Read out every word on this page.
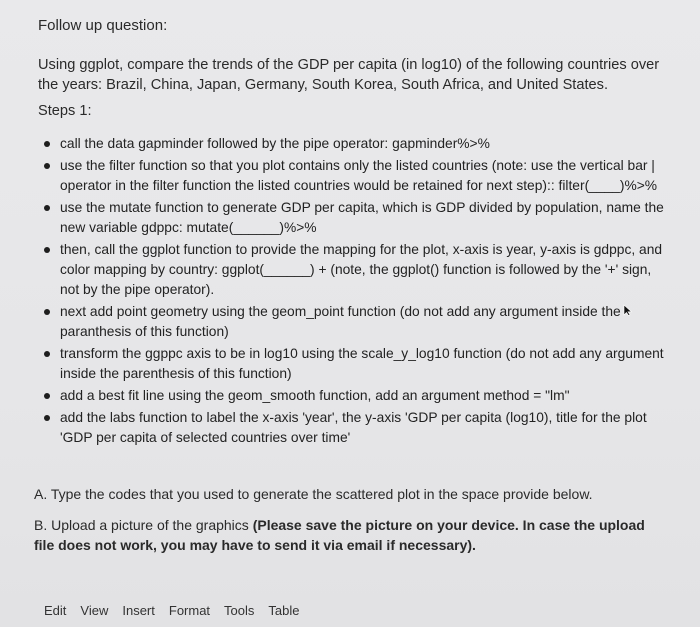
Follow up question:
Using ggplot, compare the trends of the GDP per capita (in log10) of the following countries over the years: Brazil, China, Japan, Germany, South Korea, South Africa, and United States.
Steps 1:
call the data gapminder followed by the pipe operator: gapminder%>%
use the filter function so that you plot contains only the listed countries (note: use the vertical bar | operator in the filter function the listed countries would be retained for next step):: filter(____)%>%
use the mutate function to generate GDP per capita, which is GDP divided by population, name the new variable gdppc: mutate(______)%>%
then, call the ggplot function to provide the mapping for the plot, x-axis is year, y-axis is gdppc, and color mapping by country: ggplot(______) + (note, the ggplot() function is followed by the '+' sign, not by the pipe operator).
next add point geometry using the geom_point function (do not add any argument inside the paranthesis of this function)
transform the ggppc axis to be in log10 using the scale_y_log10 function (do not add any argument inside the parenthesis of this function)
add a best fit line using the geom_smooth function, add an argument method = "lm"
add the labs function to label the x-axis 'year', the y-axis 'GDP per capita (log10), title for the plot 'GDP per capita of selected countries over time'
A. Type the codes that you used to generate the scattered plot in the space provide below.
B. Upload a picture of the graphics (Please save the picture on your device. In case the upload file does not work, you may have to send it via email if necessary).
Edit View Insert Format Tools Table
